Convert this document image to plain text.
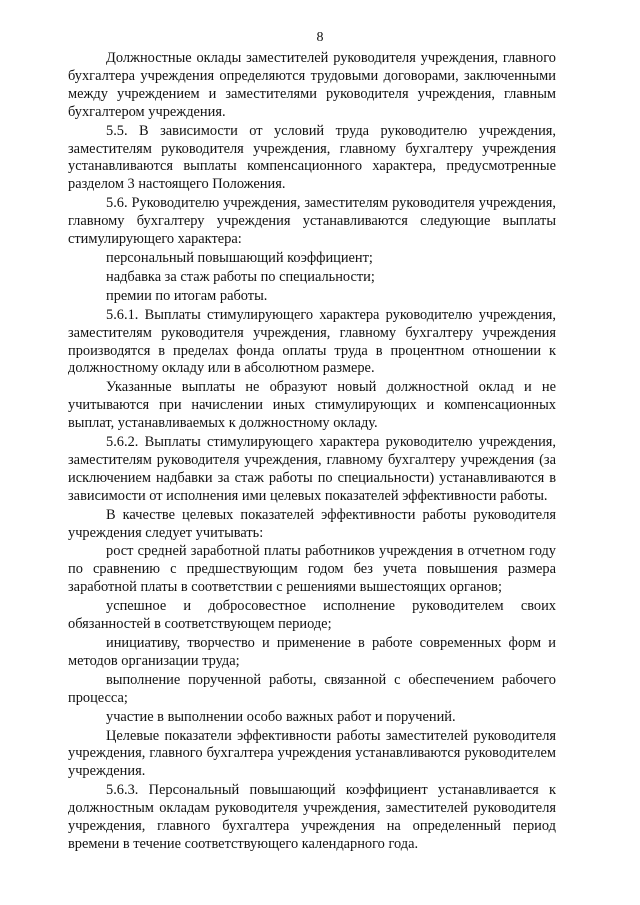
8

Должностные оклады заместителей руководителя учреждения, главного бухгалтера учреждения определяются трудовыми договорами, заключенными между учреждением и заместителями руководителя учреждения, главным бухгалтером учреждения.

5.5. В зависимости от условий труда руководителю учреждения, заместителям руководителя учреждения, главному бухгалтеру учреждения устанавливаются выплаты компенсационного характера, предусмотренные разделом 3 настоящего Положения.

5.6. Руководителю учреждения, заместителям руководителя учреждения, главному бухгалтеру учреждения устанавливаются следующие выплаты стимулирующего характера:

персональный повышающий коэффициент;

надбавка за стаж работы по специальности;

премии по итогам работы.

5.6.1. Выплаты стимулирующего характера руководителю учреждения, заместителям руководителя учреждения, главному бухгалтеру учреждения производятся в пределах фонда оплаты труда в процентном отношении к должностному окладу или в абсолютном размере.

Указанные выплаты не образуют новый должностной оклад и не учитываются при начислении иных стимулирующих и компенсационных выплат, устанавливаемых к должностному окладу.

5.6.2. Выплаты стимулирующего характера руководителю учреждения, заместителям руководителя учреждения, главному бухгалтеру учреждения (за исключением надбавки за стаж работы по специальности) устанавливаются в зависимости от исполнения ими целевых показателей эффективности работы.

В качестве целевых показателей эффективности работы руководителя учреждения следует учитывать:

рост средней заработной платы работников учреждения в отчетном году по сравнению с предшествующим годом без учета повышения размера заработной платы в соответствии с решениями вышестоящих органов;

успешное и добросовестное исполнение руководителем своих обязанностей в соответствующем периоде;

инициативу, творчество и применение в работе современных форм и методов организации труда;

выполнение порученной работы, связанной с обеспечением рабочего процесса;

участие в выполнении особо важных работ и поручений.

Целевые показатели эффективности работы заместителей руководителя учреждения, главного бухгалтера учреждения устанавливаются руководителем учреждения.

5.6.3. Персональный повышающий коэффициент устанавливается к должностным окладам руководителя учреждения, заместителей руководителя учреждения, главного бухгалтера учреждения на определенный период времени в течение соответствующего календарного года.
